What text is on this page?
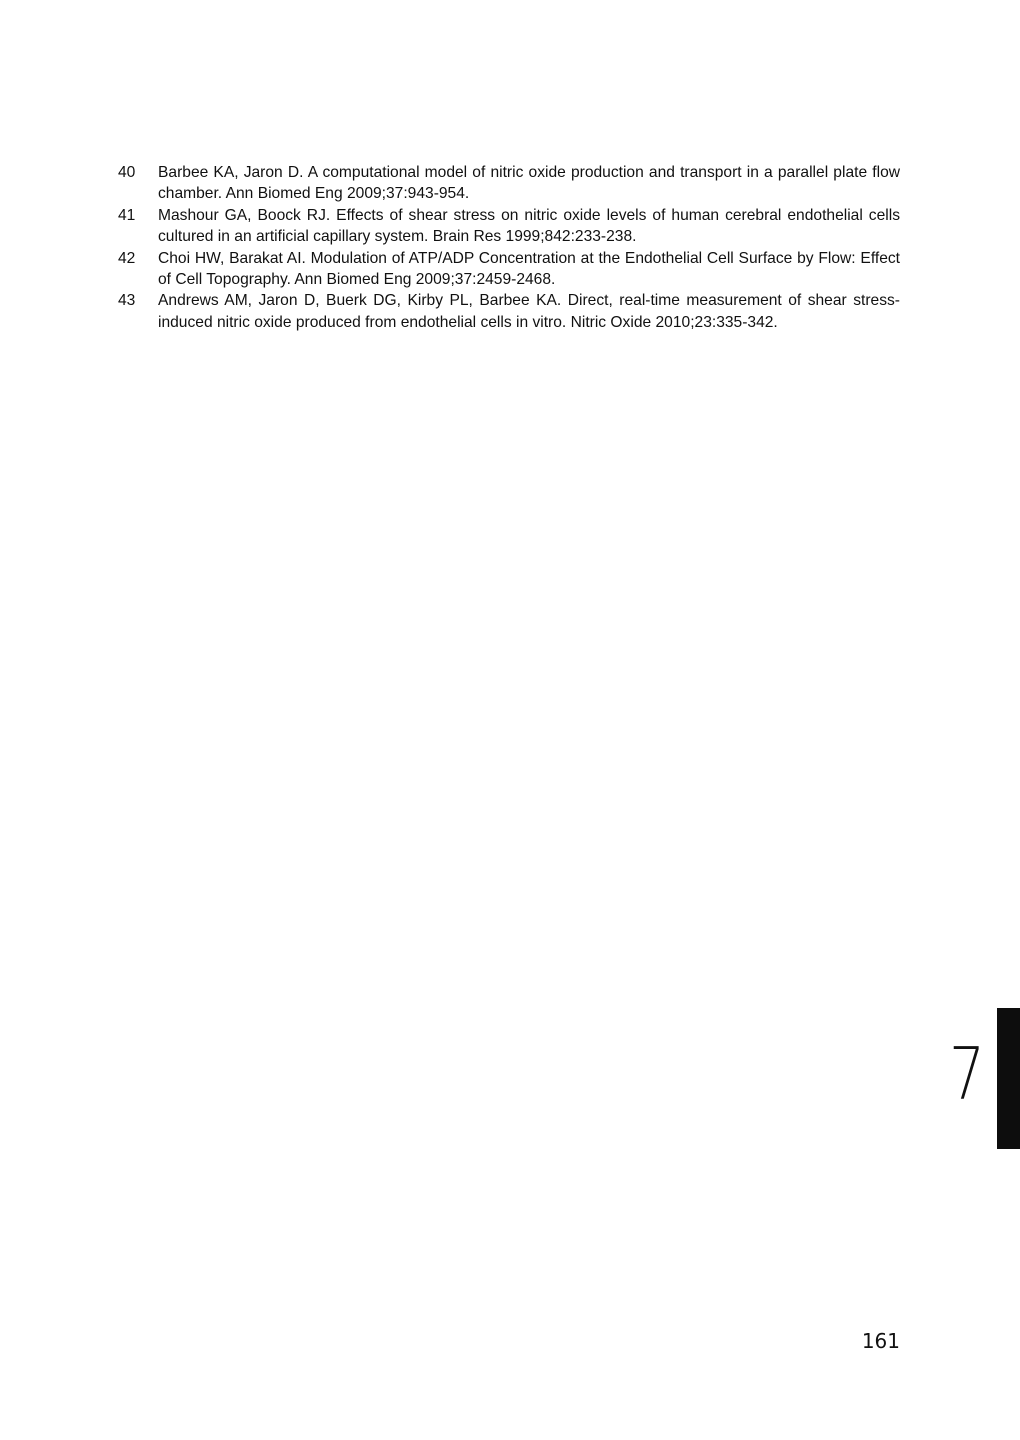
40	Barbee KA, Jaron D. A computational model of nitric oxide production and transport in a parallel plate flow chamber. Ann Biomed Eng 2009;37:943-954.
41	Mashour GA, Boock RJ. Effects of shear stress on nitric oxide levels of human cerebral endothelial cells cultured in an artificial capillary system. Brain Res 1999;842:233-238.
42	Choi HW, Barakat AI. Modulation of ATP/ADP Concentration at the Endothelial Cell Surface by Flow: Effect of Cell Topography. Ann Biomed Eng 2009;37:2459-2468.
43	Andrews AM, Jaron D, Buerk DG, Kirby PL, Barbee KA. Direct, real-time measurement of shear stress-induced nitric oxide produced from endothelial cells in vitro. Nitric Oxide 2010;23:335-342.
7
161
